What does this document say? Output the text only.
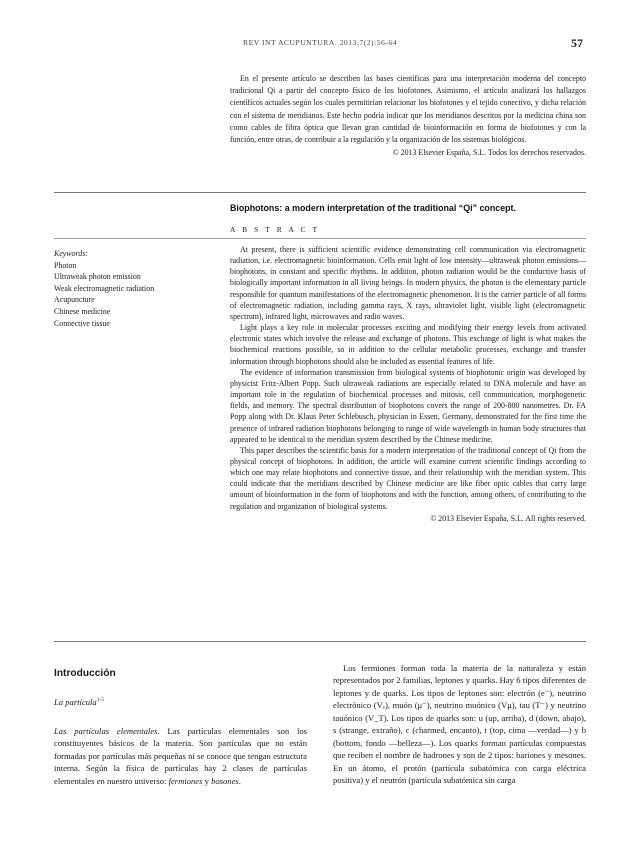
REV INT ACUPUNTURA. 2013;7(2):56-64	57

En el presente artículo se describen las bases científicas para una interpretación moderna del concepto tradicional Qi a partir del concepto físico de los biofotones. Asimismo, el artículo analizará los hallazgos científicos actuales según los cuales permitirían relacionar los biofotones y el tejido conectivo, y dicha relación con el sistema de meridianos. Este hecho podría indicar que los meridianos descritos por la medicina china son como cables de fibra óptica que llevan gran cantidad de bioinformación en forma de biofotones y con la función, entre otras, de contribuir a la regulación y la organización de los sistemas biológicos.

© 2013 Elsevier España, S.L. Todos los derechos reservados.

Biophotons: a modern interpretation of the traditional “Qi” concept.
A B S T R A C T
Keywords:
Photon
Ultraweak photon emission
Weak electromagnetic radiation
Acupuncture
Chinese medicine
Connective tissue

At present, there is sufficient scientific evidence demonstrating cell communication via electromagnetic radiation, i.e. electromagnetic bioinformation. Cells emit light of low intensity—ultraweak photon emissions—biophotons, in constant and specific rhythms. In addition, photon radiation would be the conductive basis of biologically important information in all living beings. In modern physics, the photon is the elementary particle responsible for quantum manifestations of the electromagnetic phenomenon. It is the carrier particle of all forms of electromagnetic radiation, including gamma rays, X rays, ultraviolet light, visible light (electromagnetic spectrum), infrared light, microwaves and radio waves.

Light plays a key role in molecular processes exciting and modifying their energy levels from activated electronic states which involve the release and exchange of photons. This exchange of light is what makes the biochemical reactions possible, so in addition to the cellular metabolic processes, exchange and transfer information through biophotons should also be included as essential features of life.

The evidence of information transmission from biological systems of biophotonic origin was developed by physicist Fritz-Albert Popp. Such ultraweak radiations are especially related to DNA molecule and have an important role in the regulation of biochemical processes and mitosis, cell communication, morphogenetic fields, and memory. The spectral distribution of biophotons covers the range of 200-800 nanometres. Dr. FA Popp along with Dr. Klaus Peter Schlebusch, physician in Essen, Germany, demonstrated for the first time the presence of infrared radiation biophotons belonging to range of wide wavelength in human body structures that appeared to be identical to the meridian system described by the Chinese medicine.

This paper describes the scientific basis for a modern interpretation of the traditional concept of Qi from the physical concept of biophotons. In addition, the article will examine current scientific findings according to which one may relate biophotons and connective tissue, and their relationship with the meridian system. This could indicate that the meridians described by Chinese medicine are like fiber optic cables that carry large amount of bioinformation in the form of biophotons and with the function, among others, of contributing to the regulation and organization of biological systems.

© 2013 Elsevier España, S.L. All rights reserved.

Introducción
La partícula$^{1-5}$

Las partículas elementales. Las partículas elementales son los constituyentes básicos de la materia. Son partículas que no están formadas por partículas más pequeñas ni se conoce que tengan estructura interna. Según la física de partículas hay 2 clases de partículas elementales en nuestro universo: fermiones y bosones.

Los fermiones forman toda la materia de la naturaleza y están representados por 2 familias, leptones y quarks. Hay 6 tipos diferentes de leptones y de quarks. Los tipos de leptones son: electrón (e⁻), neutrino electrónico (Vₑ), muón (μ⁻), neutrino muónico (Vμ), tau (T⁻) y neutrino tauónico (V_T). Los tipos de quarks son: u (up, arriba), d (down, abajo), s (strange, extraño), c (charmed, encanto), t (top, cima —verdad—) y b (bottom, fondo —belleza—). Los quarks forman partículas compuestas que reciben el nombre de hadrones y son de 2 tipos: bariones y mesones. En un átomo, el protón (partícula subatómica con carga eléctrica positiva) y el neutrón (partícula subatómica sin carga
